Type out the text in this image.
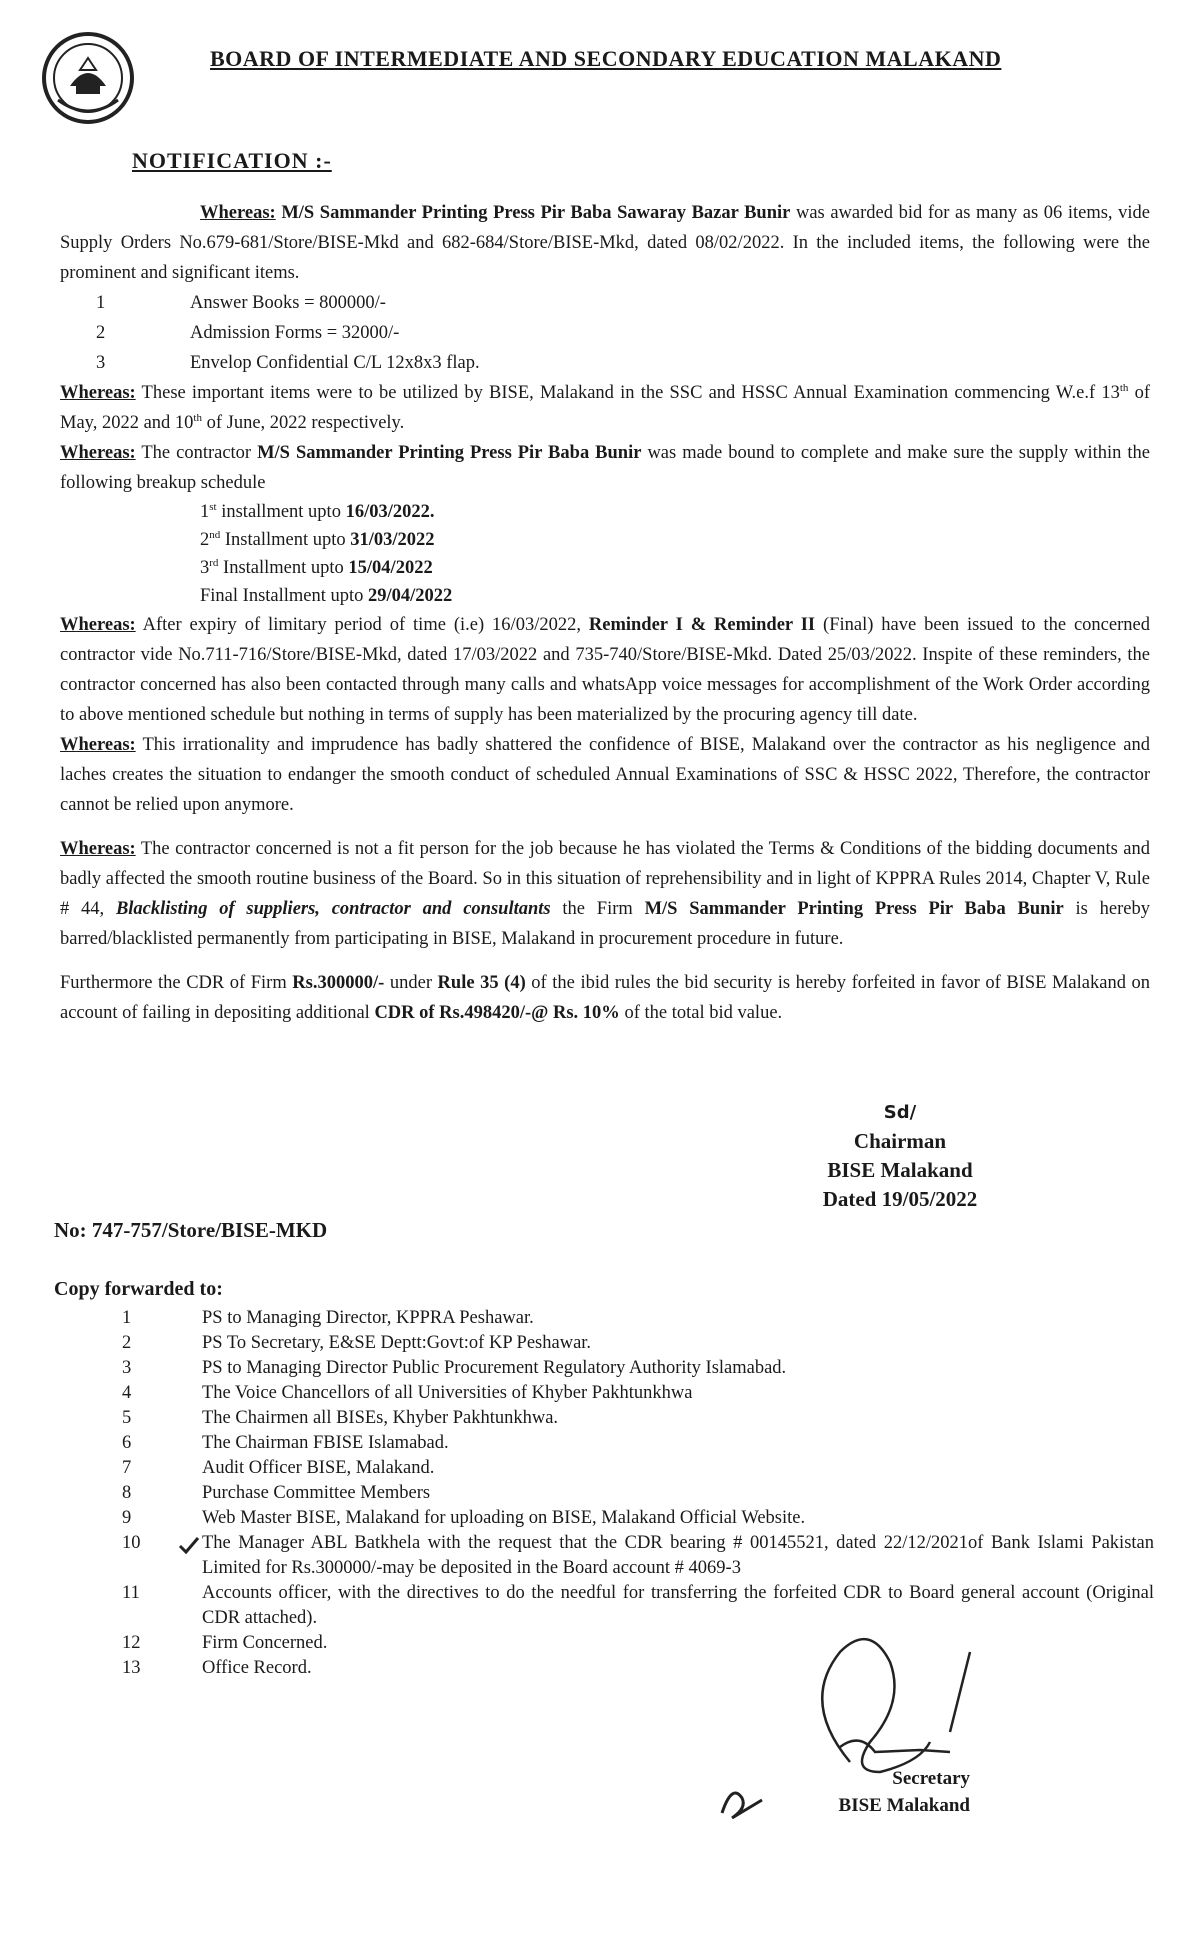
BOARD OF INTERMEDIATE AND SECONDARY EDUCATION MALAKAND
NOTIFICATION :-

Whereas: M/S Sammander Printing Press Pir Baba Sawaray Bazar Bunir was awarded bid for as many as 06 items, vide Supply Orders No.679-681/Store/BISE-Mkd and 682-684/Store/BISE-Mkd, dated 08/02/2022. In the included items, the following were the prominent and significant items.

1	Answer Books = 800000/-
2	Admission Forms = 32000/-
3	Envelop Confidential C/L 12x8x3 flap.

Whereas: These important items were to be utilized by BISE, Malakand in the SSC and HSSC Annual Examination commencing W.e.f 13th of May, 2022 and 10th of June, 2022 respectively.

Whereas: The contractor M/S Sammander Printing Press Pir Baba Bunir was made bound to complete and make sure the supply within the following breakup schedule

1st installment upto 16/03/2022.
2nd Installment upto 31/03/2022
3rd Installment upto 15/04/2022
Final Installment upto 29/04/2022

Whereas: After expiry of limitary period of time (i.e) 16/03/2022, Reminder I & Reminder II (Final) have been issued to the concerned contractor vide No.711-716/Store/BISE-Mkd, dated 17/03/2022 and 735-740/Store/BISE-Mkd. Dated 25/03/2022. Inspite of these reminders, the contractor concerned has also been contacted through many calls and whatsApp voice messages for accomplishment of the Work Order according to above mentioned schedule but nothing in terms of supply has been materialized by the procuring agency till date.

Whereas: This irrationality and imprudence has badly shattered the confidence of BISE, Malakand over the contractor as his negligence and laches creates the situation to endanger the smooth conduct of scheduled Annual Examinations of SSC & HSSC 2022, Therefore, the contractor cannot be relied upon anymore.

Whereas: The contractor concerned is not a fit person for the job because he has violated the Terms & Conditions of the bidding documents and badly affected the smooth routine business of the Board. So in this situation of reprehensibility and in light of KPPRA Rules 2014, Chapter V, Rule # 44, Blacklisting of suppliers, contractor and consultants the Firm M/S Sammander Printing Press Pir Baba Bunir is hereby barred/blacklisted permanently from participating in BISE, Malakand in procurement procedure in future.

Furthermore the CDR of Firm Rs.300000/- under Rule 35 (4) of the ibid rules the bid security is hereby forfeited in favor of BISE Malakand on account of failing in depositing additional CDR of Rs.498420/-@ Rs. 10% of the total bid value.

Sd/
Chairman
BISE Malakand
Dated 19/05/2022
No: 747-757/Store/BISE-MKD
Copy forwarded to:
1	PS to Managing Director, KPPRA Peshawar.
2	PS To Secretary, E&SE Deptt:Govt:of KP Peshawar.
3	PS to Managing Director Public Procurement Regulatory Authority Islamabad.
4	The Voice Chancellors of all Universities of Khyber Pakhtunkhwa
5	The Chairmen all BISEs, Khyber Pakhtunkhwa.
6	The Chairman FBISE Islamabad.
7	Audit Officer BISE, Malakand.
8	Purchase Committee Members
9	Web Master BISE, Malakand for uploading on BISE, Malakand Official Website.
10	The Manager ABL Batkhela with the request that the CDR bearing # 00145521, dated 22/12/2021of Bank Islami Pakistan Limited for Rs.300000/-may be deposited in the Board account # 4069-3
11	Accounts officer, with the directives to do the needful for transferring the forfeited CDR to Board general account (Original CDR attached).
12	Firm Concerned.
13	Office Record.
Secretary
BISE Malakand
